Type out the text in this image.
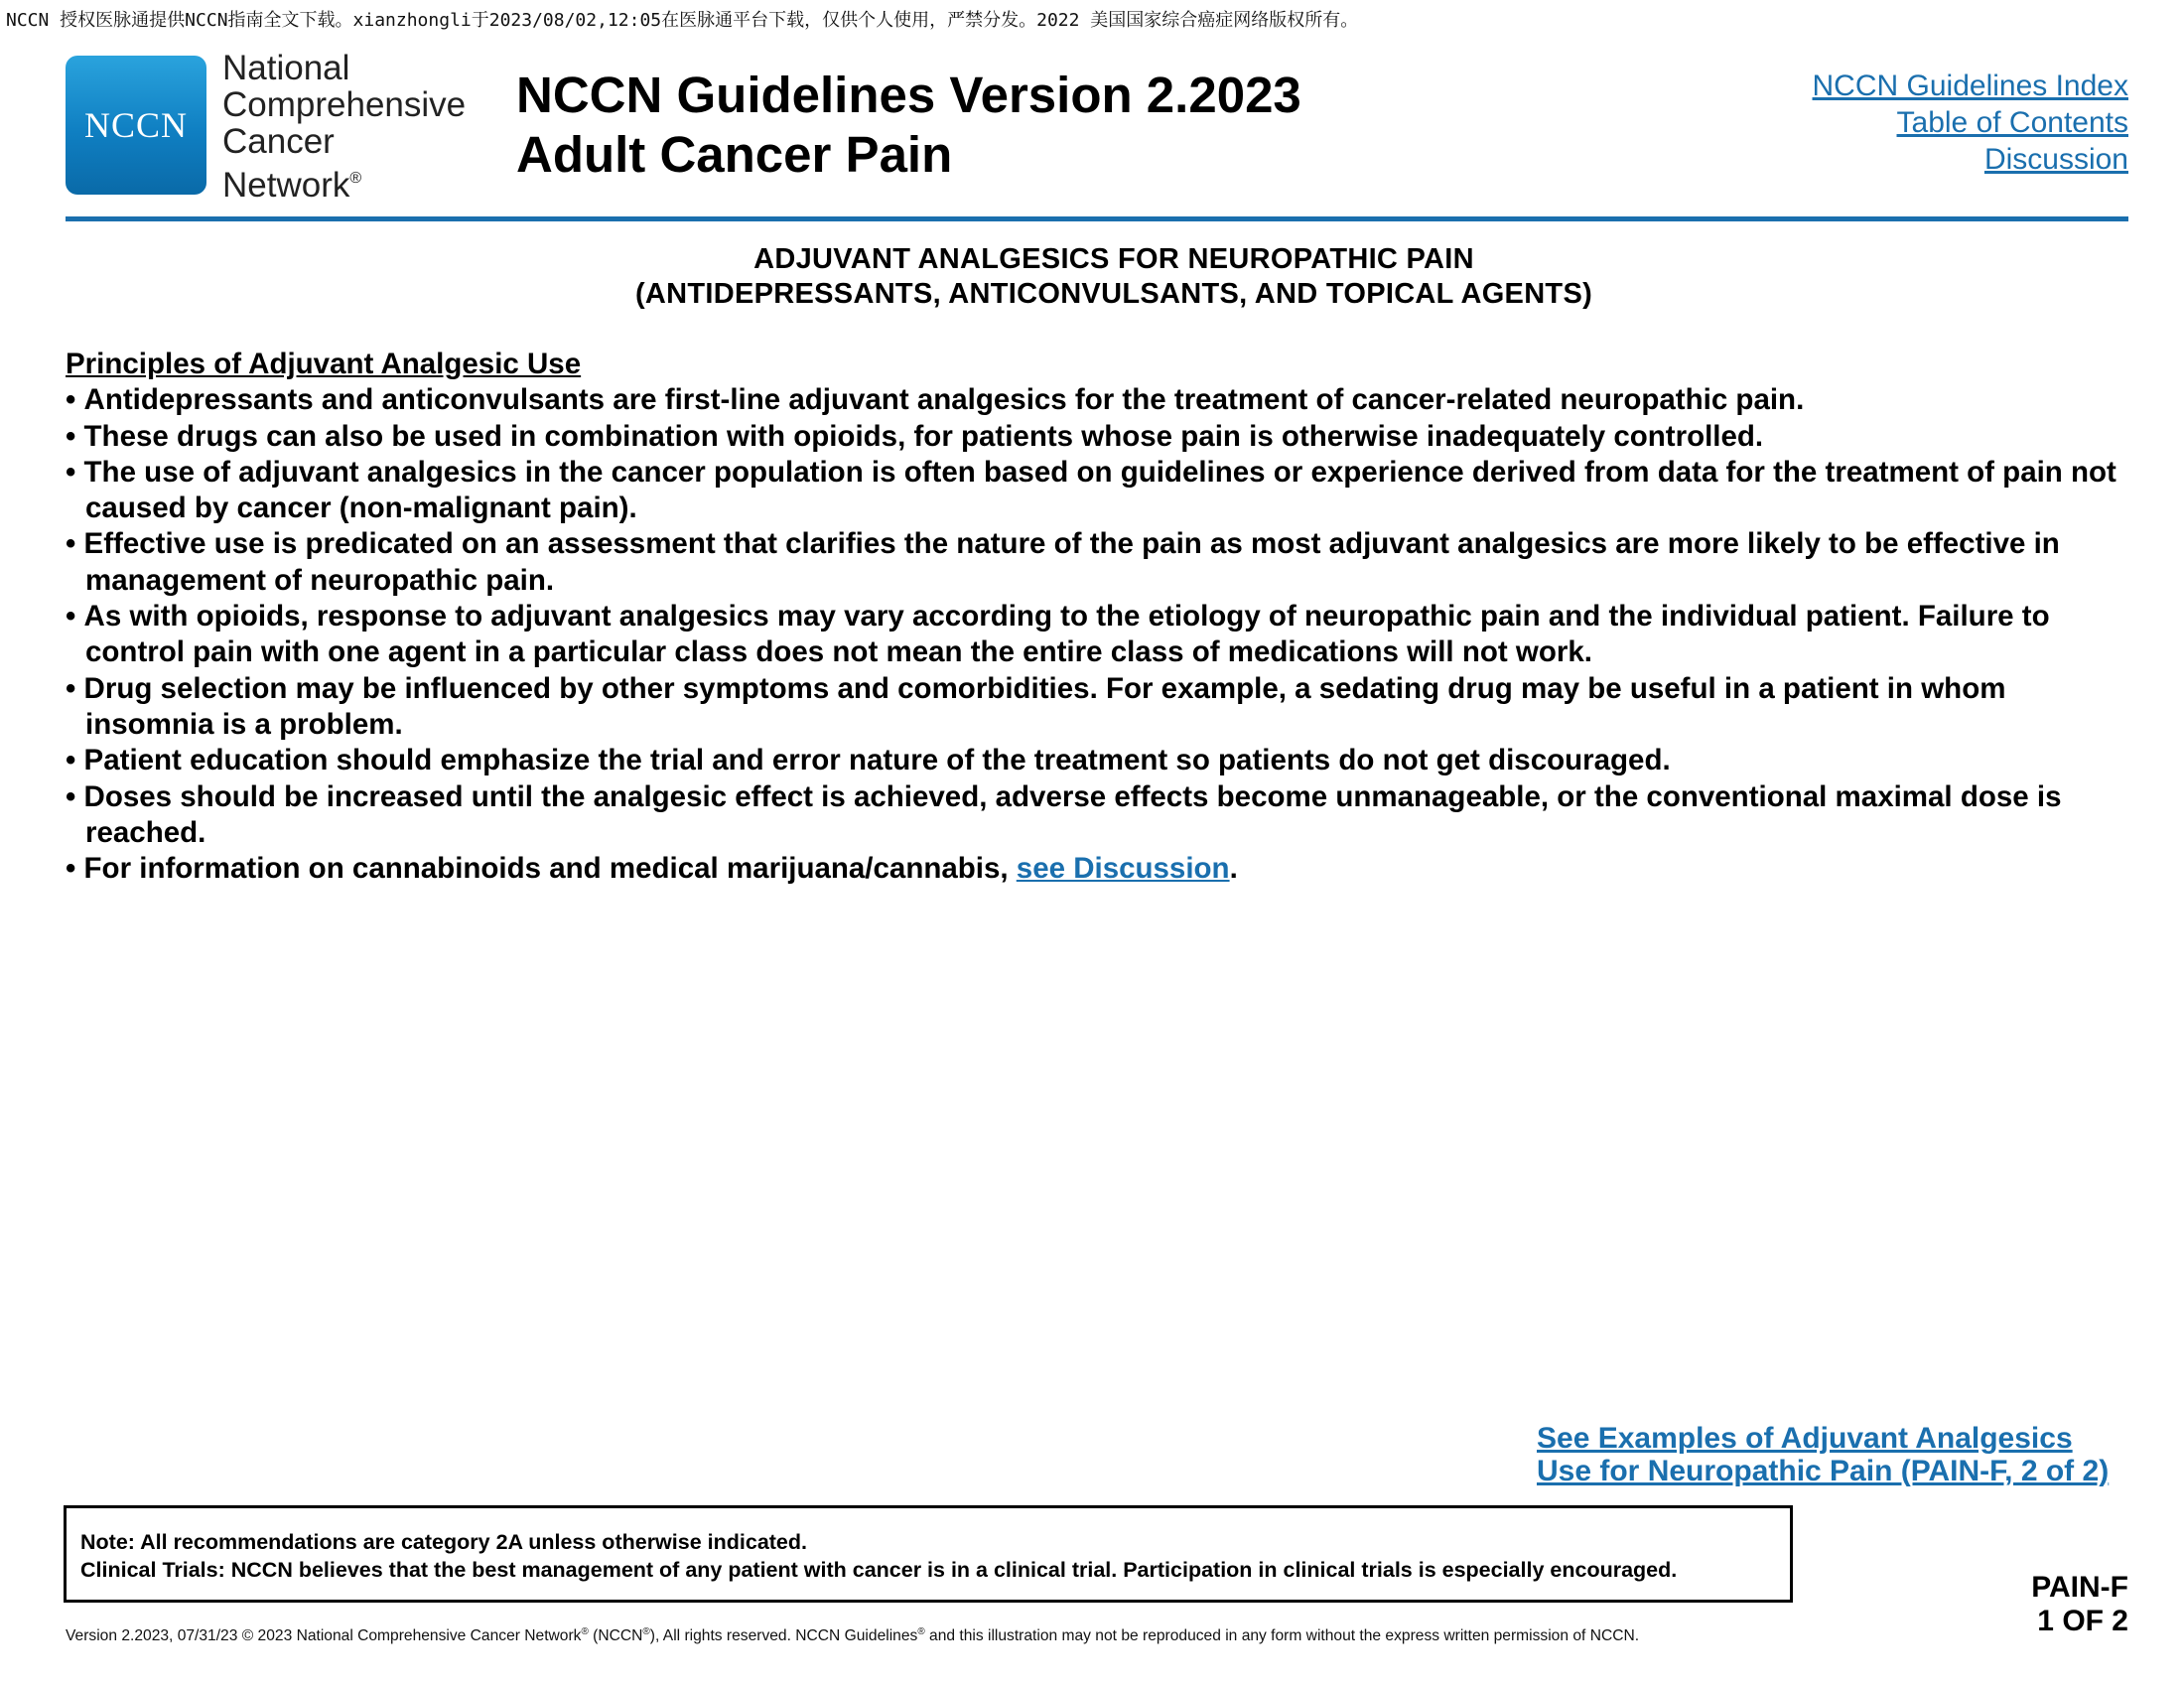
NCCN 授权医脉通提供NCCN指南全文下载。xianzhongli于2023/08/02,12:05在医脉通平台下载，仅供个人使用，严禁分发。2022 美国国家综合癌症网络版权所有。
NCCN
National
Comprehensive
Cancer
Network®
NCCN Guidelines Version 2.2023
Adult Cancer Pain
NCCN Guidelines Index
Table of Contents
Discussion
ADJUVANT ANALGESICS FOR NEUROPATHIC PAIN
(ANTIDEPRESSANTS, ANTICONVULSANTS, AND TOPICAL AGENTS)
Principles of Adjuvant Analgesic Use
• Antidepressants and anticonvulsants are first-line adjuvant analgesics for the treatment of cancer-related neuropathic pain.
• These drugs can also be used in combination with opioids, for patients whose pain is otherwise inadequately controlled.
• The use of adjuvant analgesics in the cancer population is often based on guidelines or experience derived from data for the treatment of pain not caused by cancer (non-malignant pain).
• Effective use is predicated on an assessment that clarifies the nature of the pain as most adjuvant analgesics are more likely to be effective in management of neuropathic pain.
• As with opioids, response to adjuvant analgesics may vary according to the etiology of neuropathic pain and the individual patient. Failure to control pain with one agent in a particular class does not mean the entire class of medications will not work.
• Drug selection may be influenced by other symptoms and comorbidities. For example, a sedating drug may be useful in a patient in whom insomnia is a problem.
• Patient education should emphasize the trial and error nature of the treatment so patients do not get discouraged.
• Doses should be increased until the analgesic effect is achieved, adverse effects become unmanageable, or the conventional maximal dose is reached.
• For information on cannabinoids and medical marijuana/cannabis, see Discussion.
See Examples of Adjuvant Analgesics
Use for Neuropathic Pain (PAIN-F, 2 of 2)
Note: All recommendations are category 2A unless otherwise indicated.
Clinical Trials: NCCN believes that the best management of any patient with cancer is in a clinical trial. Participation in clinical trials is especially encouraged.
PAIN-F
1 OF 2
Version 2.2023, 07/31/23 © 2023 National Comprehensive Cancer Network® (NCCN®), All rights reserved. NCCN Guidelines® and this illustration may not be reproduced in any form without the express written permission of NCCN.
